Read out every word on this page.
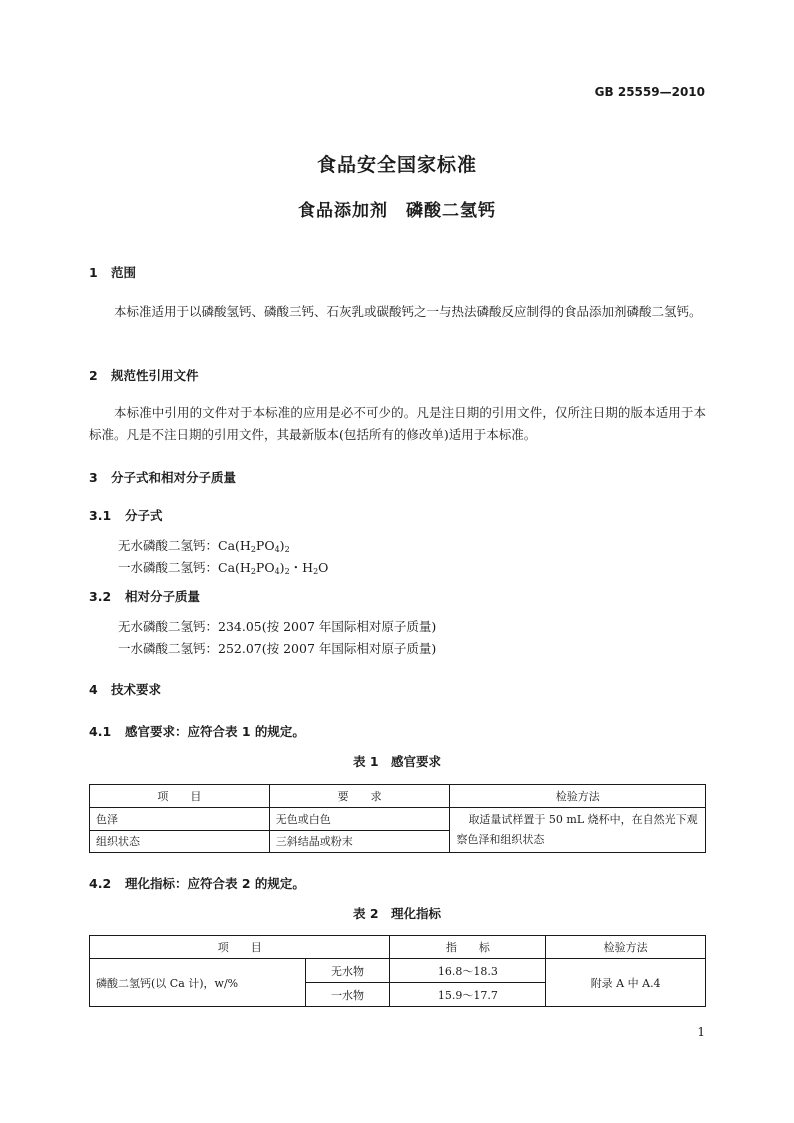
GB 25559—2010
食品安全国家标准
食品添加剂　磷酸二氢钙
1 范围
本标准适用于以磷酸氢钙、磷酸三钙、石灰乳或碳酸钙之一与热法磷酸反应制得的食品添加剂磷酸二氢钙。
2 规范性引用文件
本标准中引用的文件对于本标准的应用是必不可少的。凡是注日期的引用文件，仅所注日期的版本适用于本标准。凡是不注日期的引用文件，其最新版本(包括所有的修改单)适用于本标准。
3 分子式和相对分子质量
3.1 分子式
无水磷酸二氢钙：$Ca(H_2PO_4)_2$
一水磷酸二氢钙：$Ca(H_2PO_4)_2$・$H_2O$
3.2 相对分子质量
无水磷酸二氢钙：234.05(按 2007 年国际相对原子质量)
一水磷酸二氢钙：252.07(按 2007 年国际相对原子质量)
4 技术要求
4.1 感官要求：应符合表 1 的规定。
表 1　感官要求
项　　目	要　　求	检验方法
色泽	无色或白色	取适量试样置于 50 mL 烧杯中，在自然光下观察色泽和组织状态
组织状态	三斜结晶或粉末	
4.2 理化指标：应符合表 2 的规定。
表 2　理化指标
项　　目		指　　标	检验方法
磷酸二氢钙(以 Ca 计)，w/%	无水物	16.8～18.3	附录 A 中 A.4
	一水物	15.9～17.7	
1
